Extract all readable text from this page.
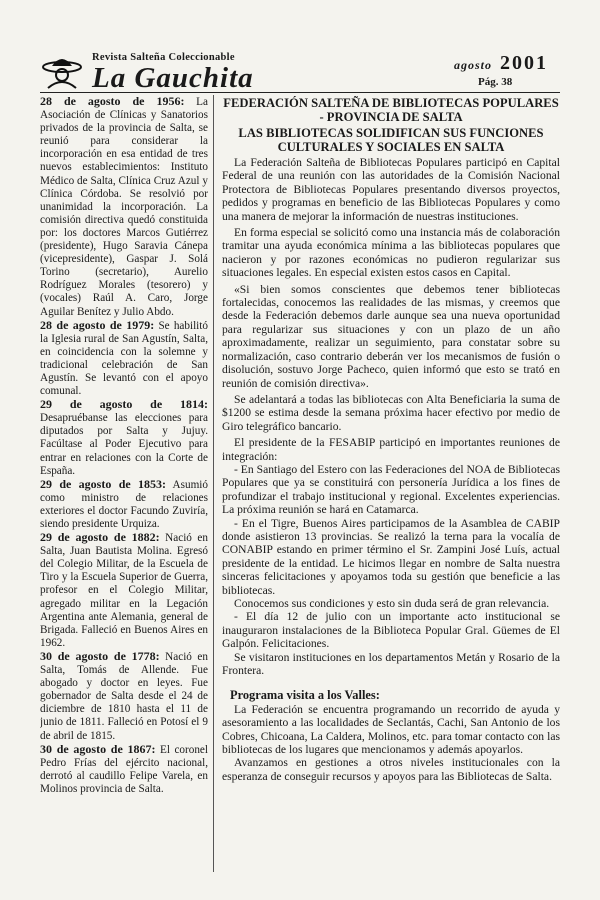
Revista Salteña Coleccionable
La Gauchita	agosto 2001
Pág. 38

28 de agosto de 1956: La Asociación de Clínicas y Sanatorios privados de la provincia de Salta, se reunió para considerar la incorporación en esa entidad de tres nuevos establecimientos: Instituto Médico de Salta, Clínica Cruz Azul y Clínica Córdoba. Se resolvió por unanimidad la incorporación. La comisión directiva quedó constituida por: los doctores Marcos Gutiérrez (presidente), Hugo Saravia Cánepa (vicepresidente), Gaspar J. Solá Torino (secretario), Aurelio Rodríguez Morales (tesorero) y (vocales) Raúl A. Caro, Jorge Aguilar Benítez y Julio Abdo.

28 de agosto de 1979: Se habilitó la Iglesia rural de San Agustín, Salta, en coincidencia con la solemne y tradicional celebración de San Agustín. Se levantó con el apoyo comunal.

29 de agosto de 1814: Desapruébanse las elecciones para diputados por Salta y Jujuy. Facúltase al Poder Ejecutivo para entrar en relaciones con la Corte de España.

29 de agosto de 1853: Asumió como ministro de relaciones exteriores el doctor Facundo Zuviría, siendo presidente Urquiza.

29 de agosto de 1882: Nació en Salta, Juan Bautista Molina. Egresó del Colegio Militar, de la Escuela de Tiro y la Escuela Superior de Guerra, profesor en el Colegio Militar, agregado militar en la Legación Argentina ante Alemania, general de Brigada. Falleció en Buenos Aires en 1962.

30 de agosto de 1778: Nació en Salta, Tomás de Allende. Fue abogado y doctor en leyes. Fue gobernador de Salta desde el 24 de diciembre de 1810 hasta el 11 de junio de 1811. Falleció en Potosí el 9 de abril de 1815.

30 de agosto de 1867: El coronel Pedro Frías del ejército nacional, derrotó al caudillo Felipe Varela, en Molinos provincia de Salta.

FEDERACIÓN SALTEÑA DE BIBLIOTECAS POPULARES - PROVINCIA DE SALTA
LAS BIBLIOTECAS SOLIDIFICAN SUS FUNCIONES CULTURALES Y SOCIALES EN SALTA

La Federación Salteña de Bibliotecas Populares participó en Capital Federal de una reunión con las autoridades de la Comisión Nacional Protectora de Bibliotecas Populares presentando diversos proyectos, pedidos y programas en beneficio de las Bibliotecas Populares y como una manera de mejorar la información de nuestras instituciones.

En forma especial se solicitó como una instancia más de colaboración tramitar una ayuda económica mínima a las bibliotecas populares que nacieron y por razones económicas no pudieron regularizar sus situaciones legales. En especial existen estos casos en Capital.

«Si bien somos conscientes que debemos tener bibliotecas fortalecidas, conocemos las realidades de las mismas, y creemos que desde la Federación debemos darle aunque sea una nueva oportunidad para regularizar sus situaciones y con un plazo de un año aproximadamente, realizar un seguimiento, para constatar sobre su normalización, caso contrario deberán ver los mecanismos de fusión o disolución, sostuvo Jorge Pacheco, quien informó que esto se trató en reunión de comisión directiva».

Se adelantará a todas las bibliotecas con Alta Beneficiaria la suma de $1200 se estima desde la semana próxima hacer efectivo por medio de Giro telegráfico bancario.

El presidente de la FESABIP participó en importantes reuniones de integración:

- En Santiago del Estero con las Federaciones del NOA de Bibliotecas Populares que ya se constituirá con personería Jurídica a los fines de profundizar el trabajo institucional y regional. Excelentes experiencias. La próxima reunión se hará en Catamarca.

- En el Tigre, Buenos Aires participamos de la Asamblea de CABIP donde asistieron 13 provincias. Se realizó la terna para la vocalía de CONABIP estando en primer término el Sr. Zampini José Luís, actual presidente de la entidad. Le hicimos llegar en nombre de Salta nuestra sinceras felicitaciones y apoyamos toda su gestión que beneficie a las bibliotecas.

Conocemos sus condiciones y esto sin duda será de gran relevancia.

- El día 12 de julio con un importante acto institucional se inauguraron instalaciones de la Biblioteca Popular Gral. Güemes de El Galpón. Felicitaciones.

Se visitaron instituciones en los departamentos Metán y Rosario de la Frontera.

Programa visita a los Valles:

La Federación se encuentra programando un recorrido de ayuda y asesoramiento a las localidades de Seclantás, Cachi, San Antonio de los Cobres, Chicoana, La Caldera, Molinos, etc. para tomar contacto con las bibliotecas de los lugares que mencionamos y además apoyarlos.

Avanzamos en gestiones a otros niveles institucionales con la esperanza de conseguir recursos y apoyos para las Bibliotecas de Salta.
